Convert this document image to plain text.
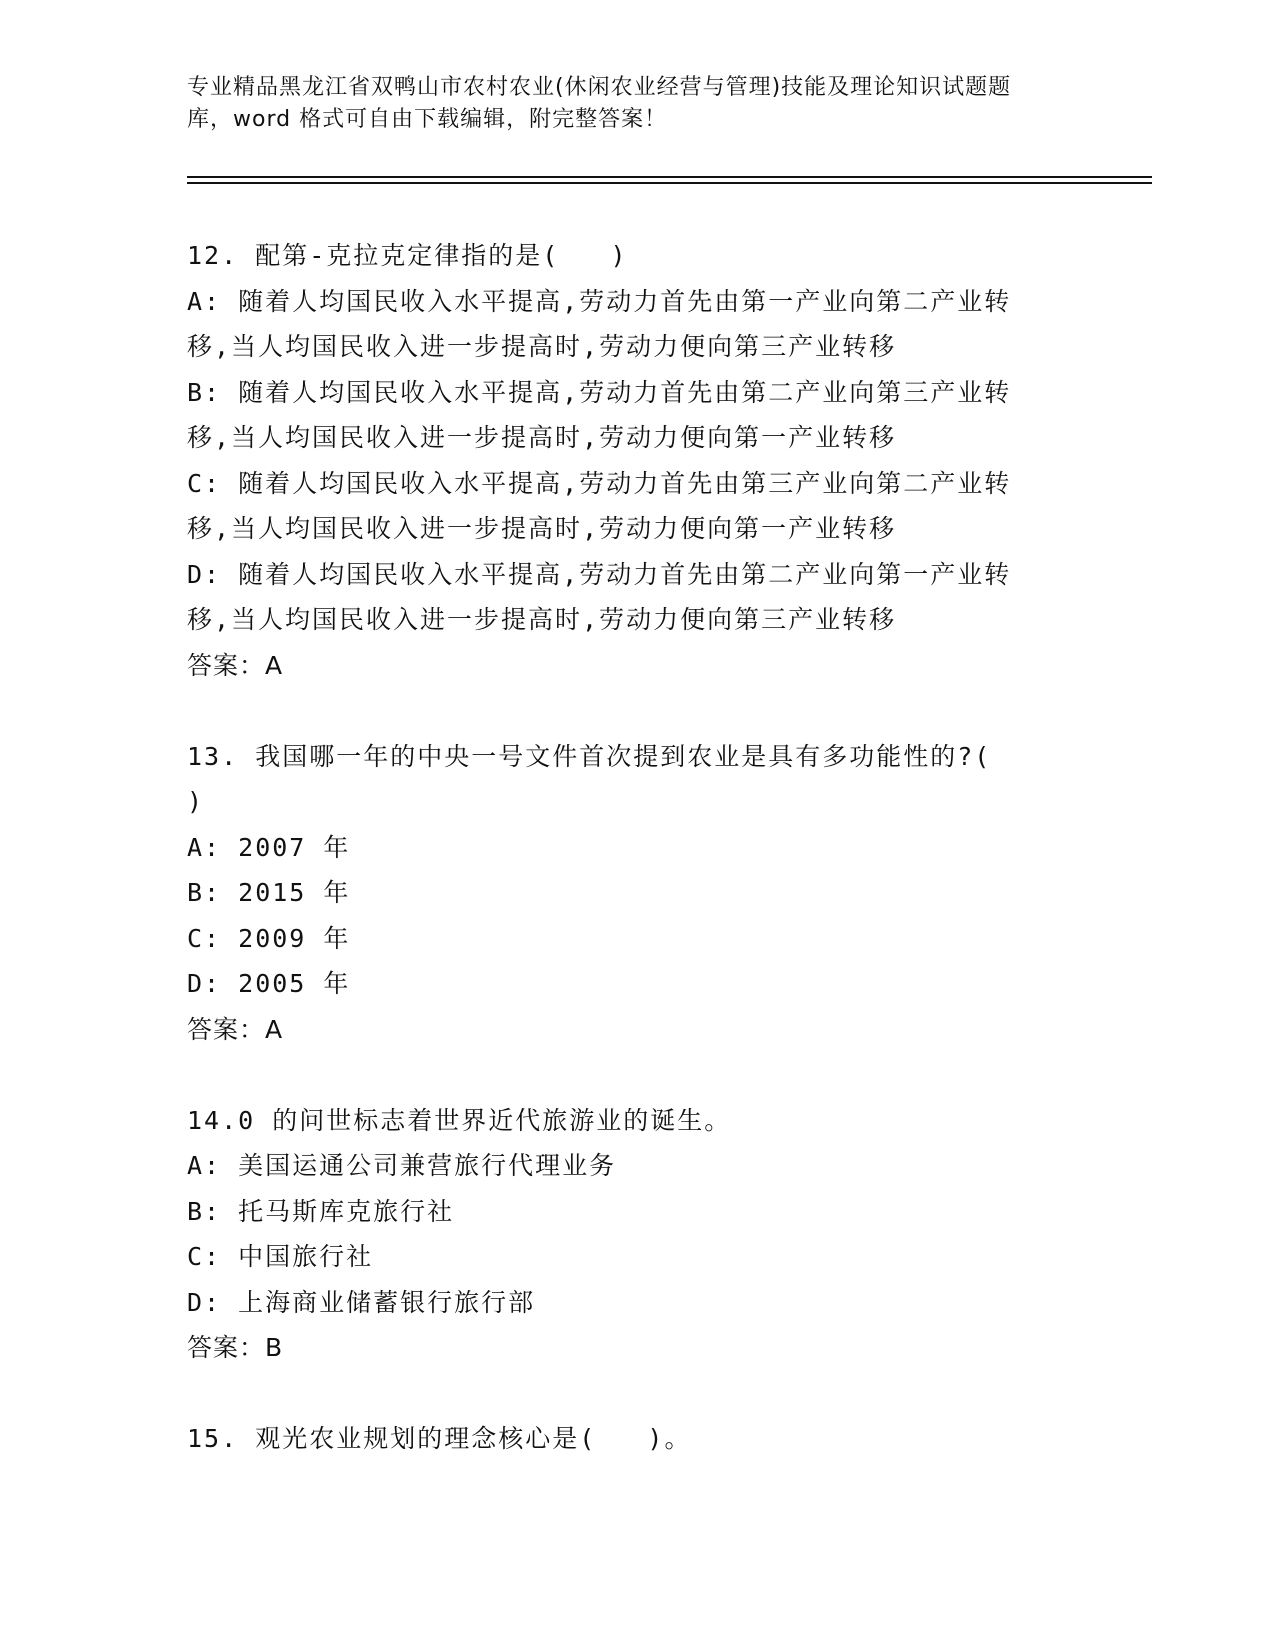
专业精品黑龙江省双鸭山市农村农业(休闲农业经营与管理)技能及理论知识试题题
库，word 格式可自由下载编辑，附完整答案！
12. 配第-克拉克定律指的是(   )
A: 随着人均国民收入水平提高,劳动力首先由第一产业向第二产业转
移,当人均国民收入进一步提高时,劳动力便向第三产业转移
B: 随着人均国民收入水平提高,劳动力首先由第二产业向第三产业转
移,当人均国民收入进一步提高时,劳动力便向第一产业转移
C: 随着人均国民收入水平提高,劳动力首先由第三产业向第二产业转
移,当人均国民收入进一步提高时,劳动力便向第一产业转移
D: 随着人均国民收入水平提高,劳动力首先由第二产业向第一产业转
移,当人均国民收入进一步提高时,劳动力便向第三产业转移
答案：A
13. 我国哪一年的中央一号文件首次提到农业是具有多功能性的?(
)
A: 2007 年
B: 2015 年
C: 2009 年
D: 2005 年
答案：A
14.0 的问世标志着世界近代旅游业的诞生。
A: 美国运通公司兼营旅行代理业务
B: 托马斯库克旅行社
C: 中国旅行社
D: 上海商业储蓄银行旅行部
答案：B
15. 观光农业规划的理念核心是(   )。
